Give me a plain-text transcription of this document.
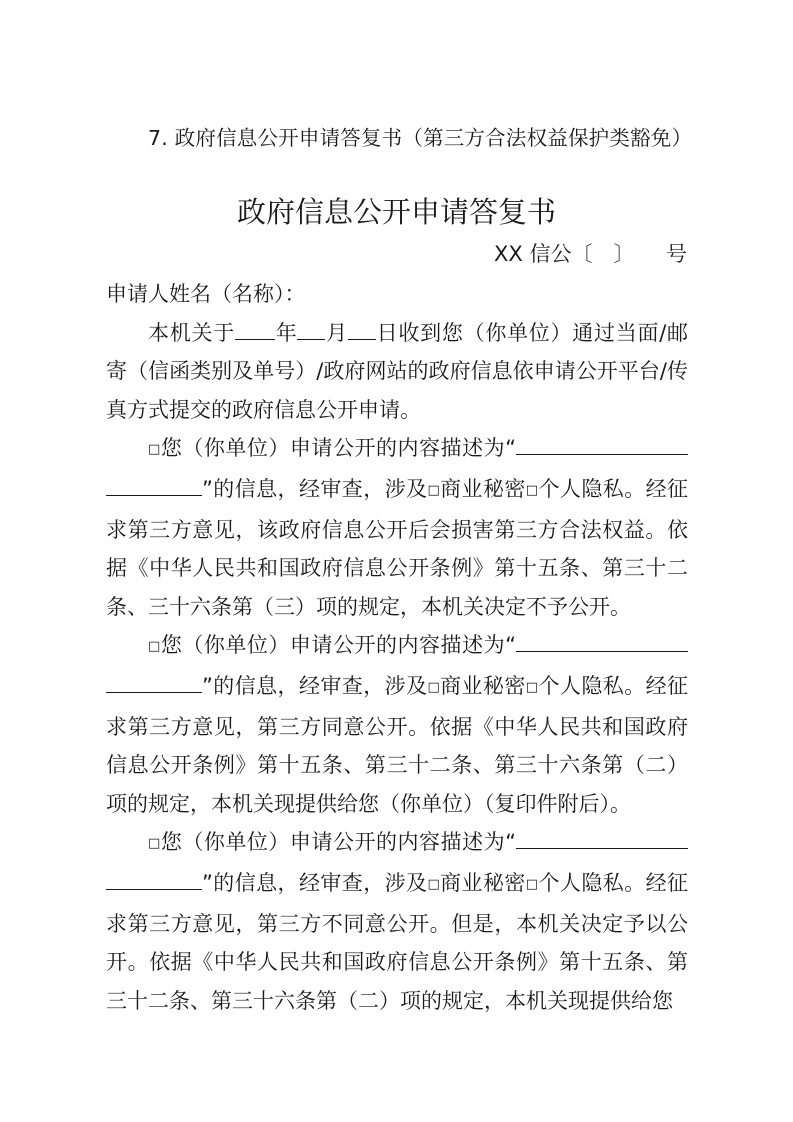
7. 政府信息公开申请答复书（第三方合法权益保护类豁免）
政府信息公开申请答复书
XX 信公〔　〕　　号

申请人姓名（名称）：

本机关于 年 月 日收到您（你单位）通过当面/邮寄（信函类别及单号）/政府网站的政府信息依申请公开平台/传真方式提交的政府信息公开申请。

□您（你单位）申请公开的内容描述为“”的信息，经审查，涉及□商业秘密□个人隐私。经征求第三方意见，该政府信息公开后会损害第三方合法权益。依据《中华人民共和国政府信息公开条例》第十五条、第三十二条、三十六条第（三）项的规定，本机关决定不予公开。

□您（你单位）申请公开的内容描述为“”的信息，经审查，涉及□商业秘密□个人隐私。经征求第三方意见，第三方同意公开。依据《中华人民共和国政府信息公开条例》第十五条、第三十二条、第三十六条第（二）项的规定，本机关现提供给您（你单位）（复印件附后）。

□您（你单位）申请公开的内容描述为“”的信息，经审查，涉及□商业秘密□个人隐私。经征求第三方意见，第三方不同意公开。但是，本机关决定予以公开。依据《中华人民共和国政府信息公开条例》第十五条、第三十二条、第三十六条第（二）项的规定，本机关现提供给您
